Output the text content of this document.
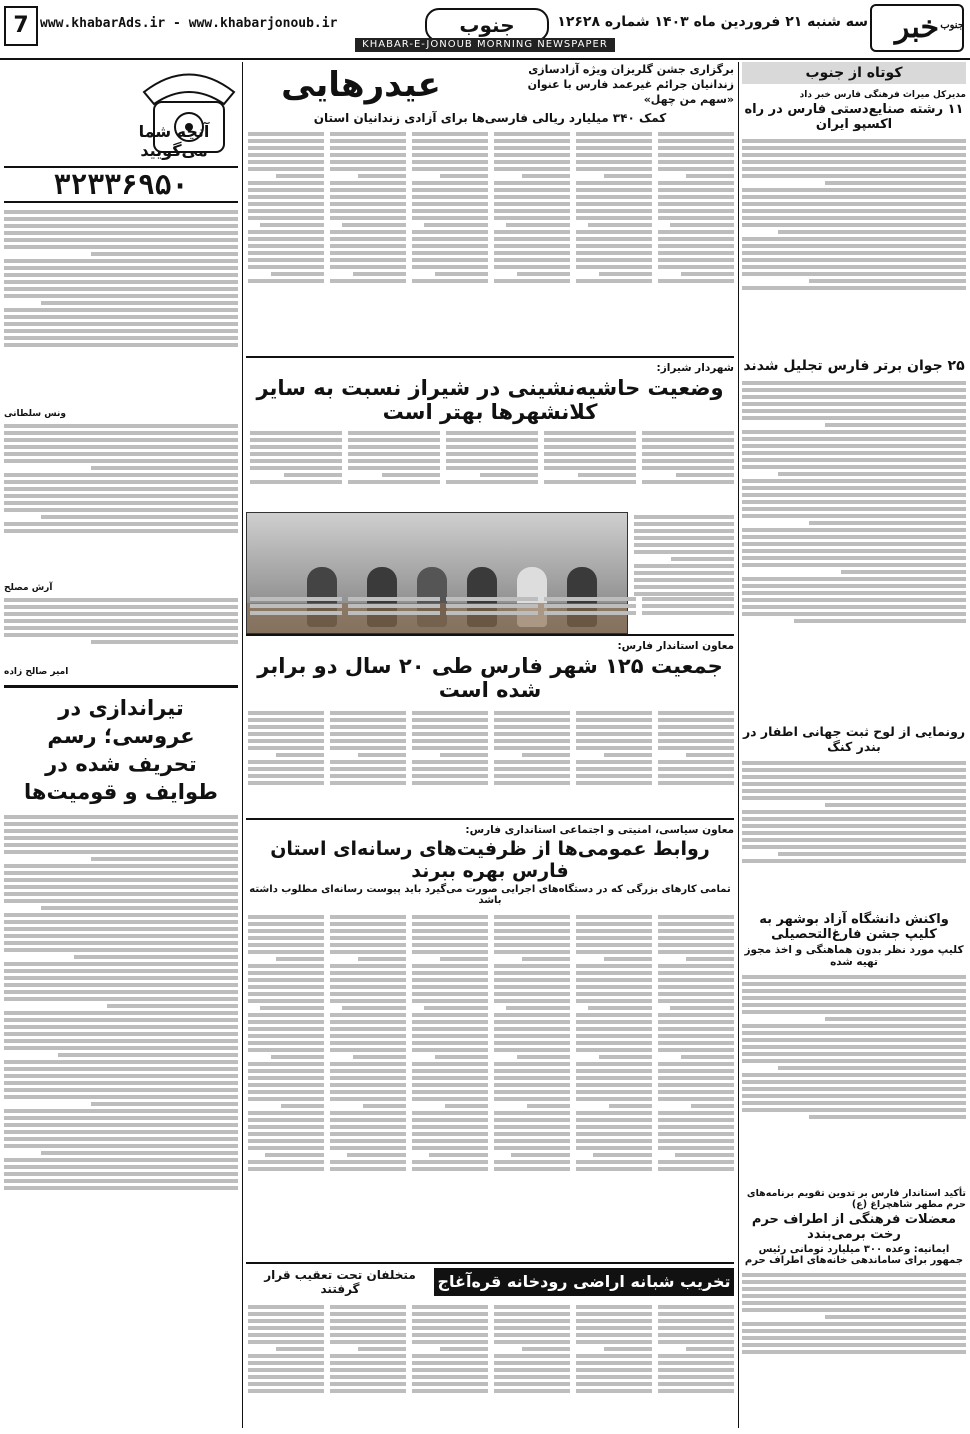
خبر جنوب
سه شنبه ۲۱ فروردین ماه ۱۴۰۳ شماره ۱۲۶۲۸
جنوب
www.khabarAds.ir - www.khabarjonoub.ir
7
KHABAR-E-JONOUB MORNING NEWSPAPER
کوتاه از جنوب
مدیرکل میراث فرهنگی فارس خبر داد
۱۱ رشته صنایع‌دستی فارس در راه اکسپو ایران
۲۵ جوان برتر فارس تجلیل شدند
رونمایی از لوح ثبت جهانی اطفار در بندر کنگ
واکنش دانشگاه آزاد بوشهر به کلیپ جشن فارغ‌التحصیلی
کلیپ مورد نظر بدون هماهنگی و اخذ مجوز تهیه شده
تأکید استاندار فارس بر تدوین تقویم برنامه‌های حرم مطهر شاهچراغ (ع)
معضلات فرهنگی از اطراف حرم رخت برمی‌بندد
ایمانیه: وعده ۳۰۰ میلیارد تومانی رئیس جمهور برای ساماندهی خانه‌های اطراف حرم
آنچه شما می‌گویید
۳۲۳۳۶۹۵۰
ونس سلطانی
آرش مصلح
امیر صالح زاده
تیراندازی در عروسی؛ رسم تحریف شده در طوایف و قومیت‌ها
برگزاری جشن گلریزان ویژه آزادسازی زندانیان جرائم غیرعمد فارس با عنوان «سهم من چهل»
عیدرهایی
کمک ۳۴۰ میلیارد ریالی فارسی‌ها برای آزادی زندانیان استان
شهردار شیراز:
وضعیت حاشیه‌نشینی در شیراز نسبت به سایر کلانشهرها بهتر است
معاون استاندار فارس:
جمعیت ۱۲۵ شهر فارس طی ۲۰ سال دو برابر شده است
معاون سیاسی، امنیتی و اجتماعی استانداری فارس:
روابط عمومی‌ها از ظرفیت‌های رسانه‌ای استان فارس بهره ببرند
تمامی کارهای بزرگی که در دستگاه‌های اجرایی صورت می‌گیرد باید پیوست رسانه‌ای مطلوب داشته باشد
تخریب شبانه اراضی رودخانه قره‌آغاج
متخلفان تحت تعقیب قرار گرفتند
